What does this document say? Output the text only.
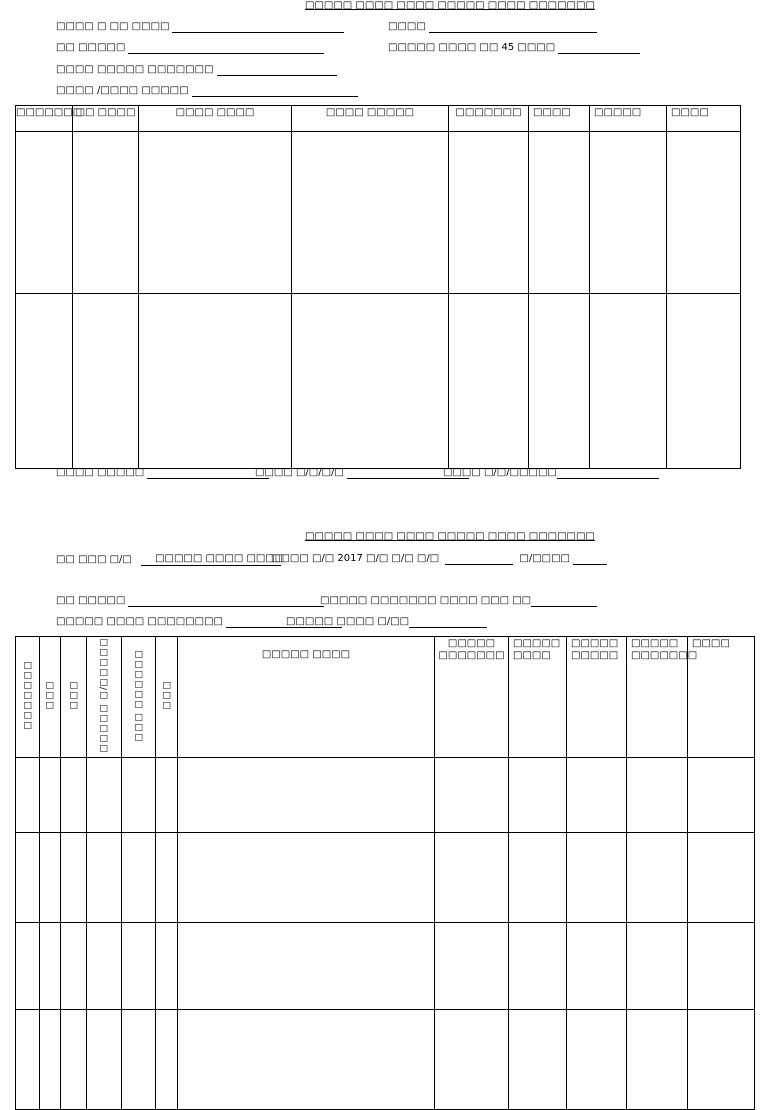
□□□□□ □□□□ □□□□ □□□□□ □□□□ □□□□□□□
□□□□ □ □□ □□□□	□□□□
□□ □□□□□	□□□□□ □□□□ □□ 45 □□□□
□□□□ □□□□□ □□□□□□□
□□□□ /□□□□ □□□□□
□□□□□□□	□□ □□□□	□□□□ □□□□	□□□□ □□□□□	□□□□□□□	□□□□	□□□□□	□□□□

□□□□ □□□□□	□□□□ □/□/□/□	□□□□ □/□/□□□□□
□□□□□ □□□□ □□□□ □□□□□ □□□□ □□□□□□□
□□ □□□ □/□ □□□□□ □□□□ □□□□
□□□□ □/□ 2017 □/□ □/□ □/□	□/□□□□
□□ □□□□□	□□□□□ □□□□□□□ □□□□ □□□ □□
□□□□□ □□□□ □□□□□□□□	□□□□□ □□□□ □/□□
□□□□□□□	□□□	□□□	□□□□□ □/□□□□□	□□□ □□□□□□	□□□	□□□□□ □□□□	□□□□□ □□□□□□□	□□□□□ □□□□	□□□□□ □□□□□	□□□□□ □□□□□□□	□□□□
